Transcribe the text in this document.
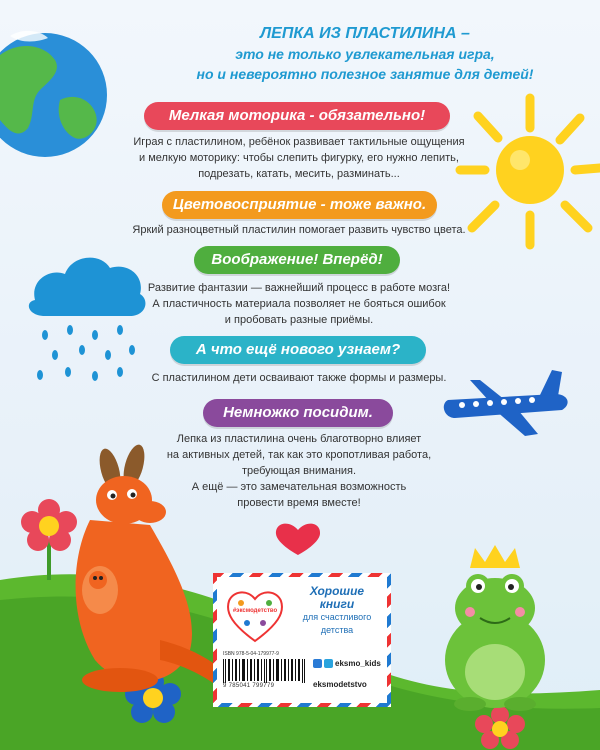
ЛЕПКА ИЗ ПЛАСТИЛИНА –
это не только увлекательная игра,
но и невероятно полезное занятие для детей!
Мелкая моторика - обязательно!
Играя с пластилином, ребёнок развивает тактильные ощущения
и мелкую моторику: чтобы слепить фигурку, его нужно лепить,
подрезать, катать, месить, разминать...
Цветовосприятие - тоже важно.
Яркий разноцветный пластилин помогает развить чувство цвета.
Воображение! Вперёд!
Развитие фантазии — важнейший процесс в работе мозга!
А пластичность материала позволяет не бояться ошибок
и пробовать разные приёмы.
А что ещё нового узнаем?
С пластилином дети осваивают также формы и размеры.
Немножко посидим.
Лепка из пластилина очень благотворно влияет
на активных детей, так как это кропотливая работа,
требующая внимания.
А ещё — это замечательная возможность
провести время вместе!
#эксмодетство
Хорошие
книги
для счастливого
детства
ISBN 978-5-04-179977-9
9 785041 799779
eksmo_kids
eksmodetstvo
